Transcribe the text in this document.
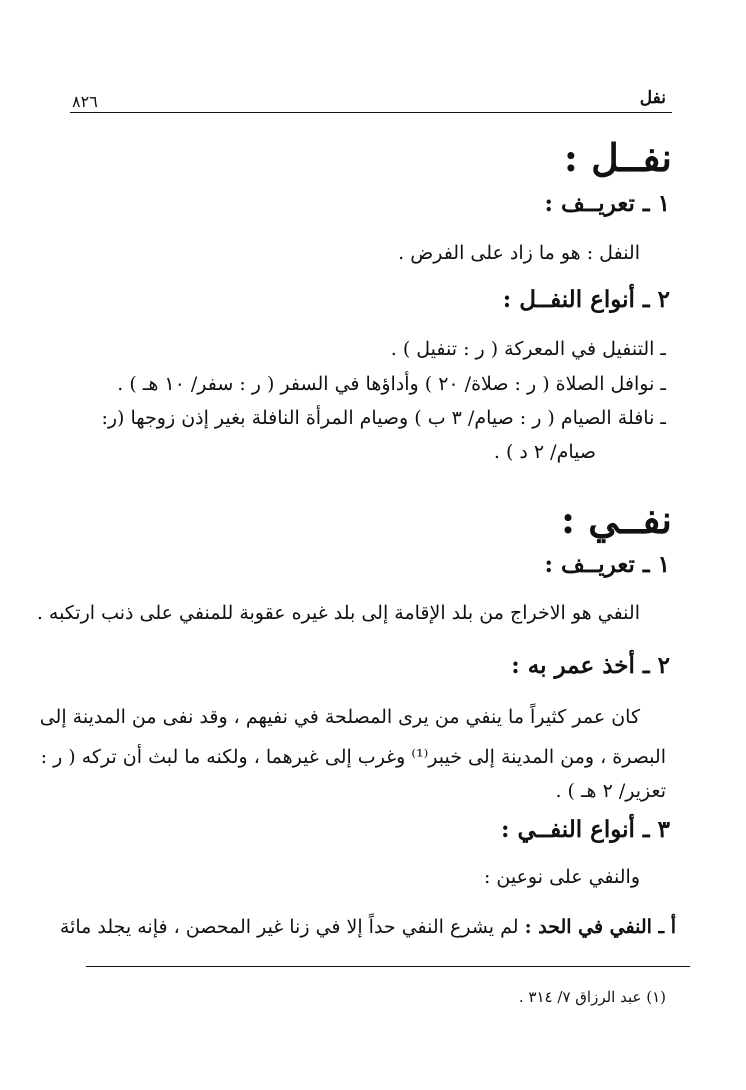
نفل
٨٢٦
نفــل :
١ ـ تعريــف :
النفل : هو ما زاد على الفرض .
٢ ـ أنواع النفــل :
ـ التنفيل في المعركة ( ر : تنفيل ) .
ـ نوافل الصلاة ( ر : صلاة/ ٢٠ ) وأداؤها في السفر ( ر : سفر/ ١٠ هـ ) .
ـ نافلة الصيام ( ر : صيام/ ٣ ب ) وصيام المرأة النافلة بغير إذن زوجها (ر:
صيام/ ٢ د ) .
نفــي :
١ ـ تعريــف :
النفي هو الاخراج من بلد الإقامة إلى بلد غيره عقوبة للمنفي على ذنب ارتكبه .
٢ ـ أخذ عمر به :
كان عمر كثيراً ما ينفي من يرى المصلحة في نفيهم ، وقد نفى من المدينة إلى
البصرة ، ومن المدينة إلى خيبر⁽¹⁾ وغرب إلى غيرهما ، ولكنه ما لبث أن تركه ( ر :
تعزير/ ٢ هـ ) .
٣ ـ أنواع النفــي :
والنفي على نوعين :
أ ـ النفي في الحد : لم يشرع النفي حداً إلا في زنا غير المحصن ، فإنه يجلد مائة
(١) عبد الرزاق ٧/ ٣١٤ .
